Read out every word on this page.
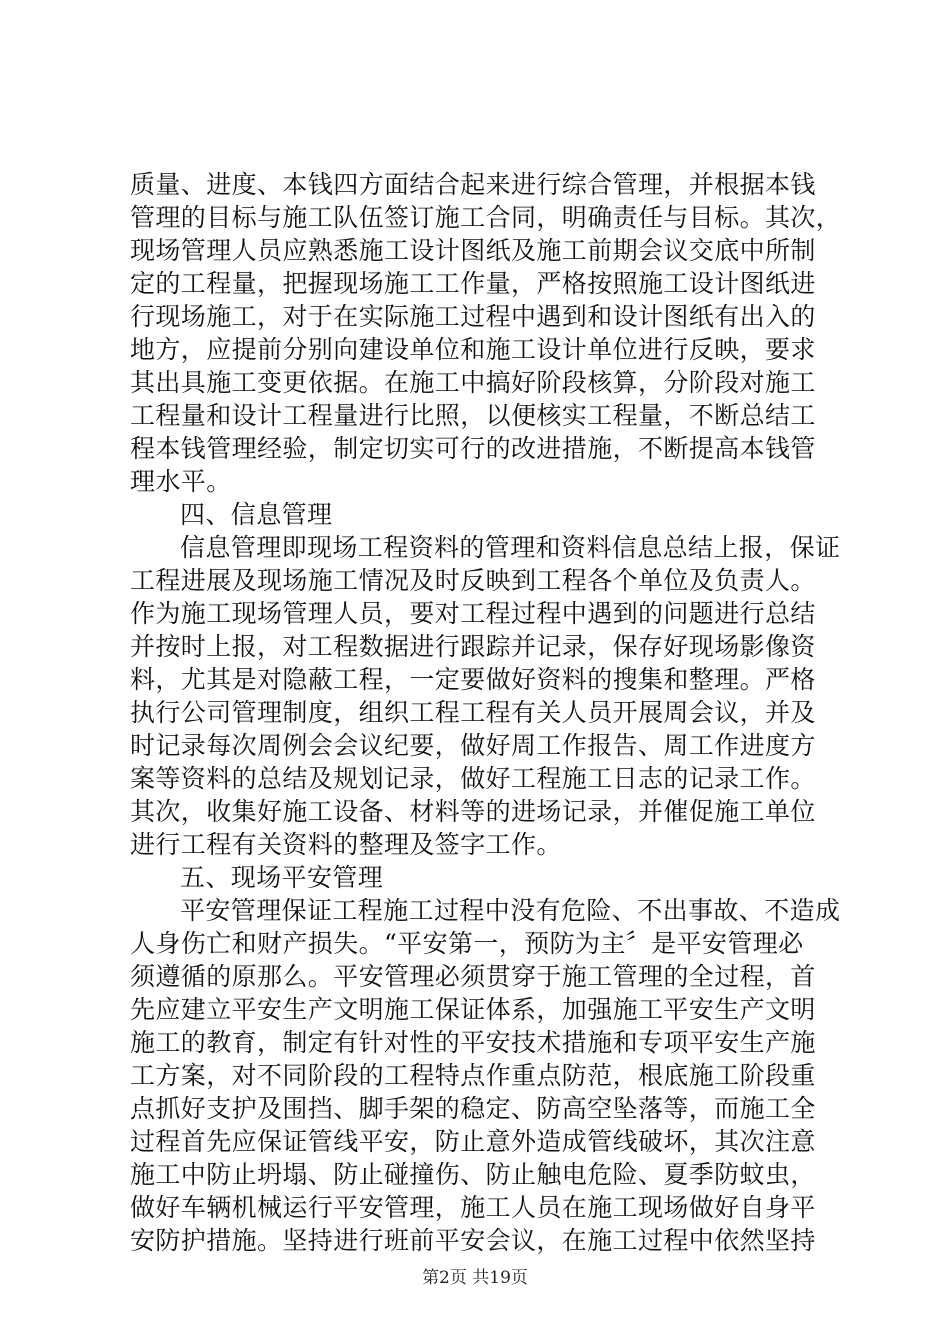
质量、进度、本钱四方面结合起来进行综合管理，并根据本钱
管理的目标与施工队伍签订施工合同，明确责任与目标。其次，
现场管理人员应熟悉施工设计图纸及施工前期会议交底中所制
定的工程量，把握现场施工工作量，严格按照施工设计图纸进
行现场施工，对于在实际施工过程中遇到和设计图纸有出入的
地方，应提前分别向建设单位和施工设计单位进行反映，要求
其出具施工变更依据。在施工中搞好阶段核算，分阶段对施工
工程量和设计工程量进行比照，以便核实工程量，不断总结工
程本钱管理经验，制定切实可行的改进措施，不断提高本钱管
理水平。
四、信息管理
信息管理即现场工程资料的管理和资料信息总结上报，保证
工程进展及现场施工情况及时反映到工程各个单位及负责人。
作为施工现场管理人员，要对工程过程中遇到的问题进行总结
并按时上报，对工程数据进行跟踪并记录，保存好现场影像资
料，尤其是对隐蔽工程，一定要做好资料的搜集和整理。严格
执行公司管理制度，组织工程工程有关人员开展周会议，并及
时记录每次周例会会议纪要，做好周工作报告、周工作进度方
案等资料的总结及规划记录，做好工程施工日志的记录工作。
其次，收集好施工设备、材料等的进场记录，并催促施工单位
进行工程有关资料的整理及签字工作。
五、现场平安管理
平安管理保证工程施工过程中没有危险、不出事故、不造成
人身伤亡和财产损失。“平安第一，预防为主〞是平安管理必
须遵循的原那么。平安管理必须贯穿于施工管理的全过程，首
先应建立平安生产文明施工保证体系，加强施工平安生产文明
施工的教育，制定有针对性的平安技术措施和专项平安生产施
工方案，对不同阶段的工程特点作重点防范，根底施工阶段重
点抓好支护及围挡、脚手架的稳定、防高空坠落等，而施工全
过程首先应保证管线平安，防止意外造成管线破坏，其次注意
施工中防止坍塌、防止碰撞伤、防止触电危险、夏季防蚊虫，
做好车辆机械运行平安管理，施工人员在施工现场做好自身平
安防护措施。坚持进行班前平安会议，在施工过程中依然坚持
第2页 共19页
